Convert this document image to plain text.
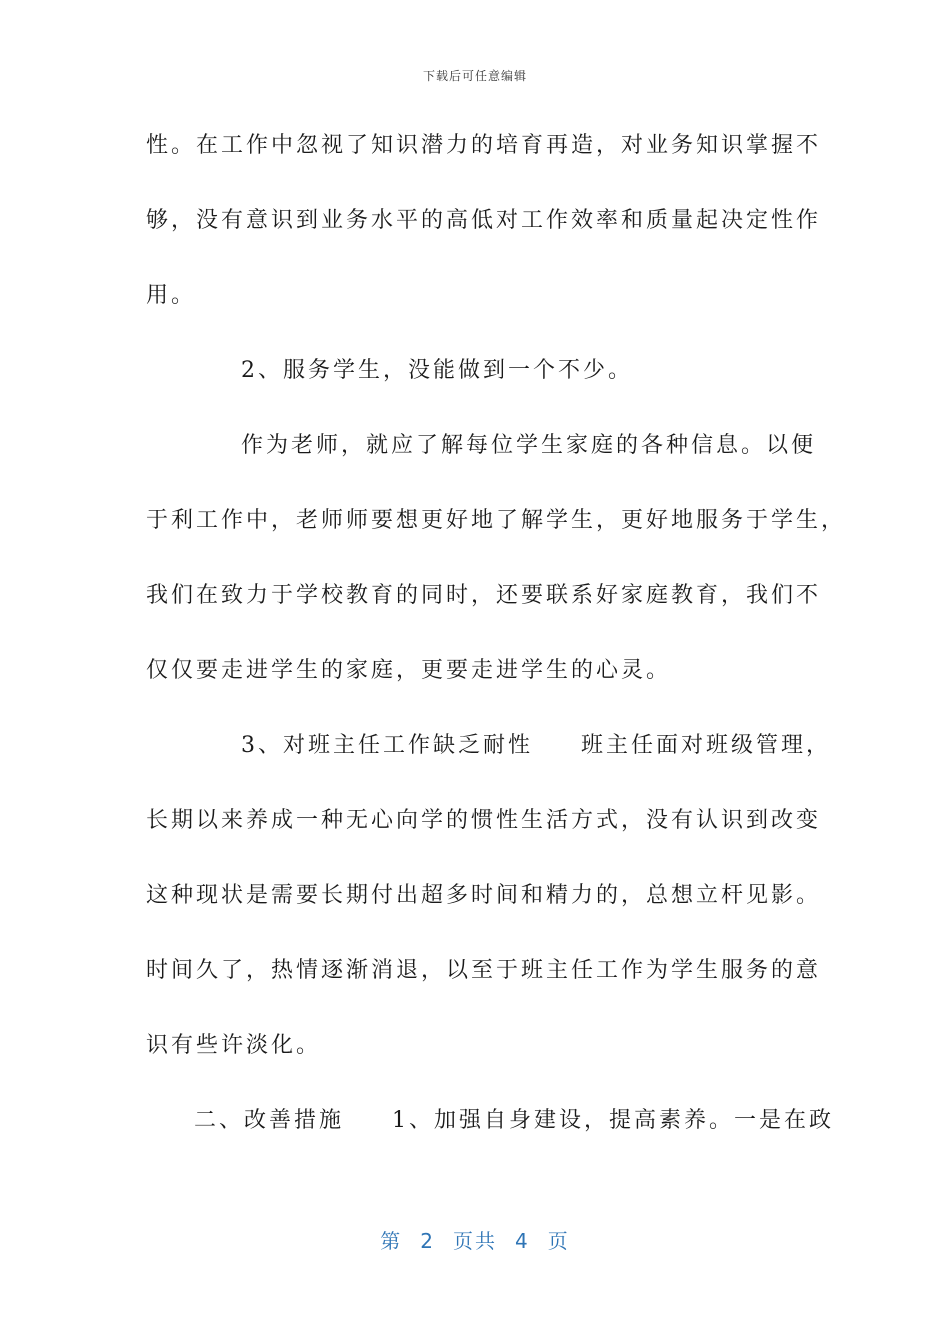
下载后可任意编辑
性。在工作中忽视了知识潜力的培育再造，对业务知识掌握不
够，没有意识到业务水平的高低对工作效率和质量起决定性作
用。
2、服务学生，没能做到一个不少。
作为老师，就应了解每位学生家庭的各种信息。以便
于利工作中，老师师要想更好地了解学生，更好地服务于学生，
我们在致力于学校教育的同时，还要联系好家庭教育，我们不
仅仅要走进学生的家庭，更要走进学生的心灵。
3、对班主任工作缺乏耐性 班主任面对班级管理，
长期以来养成一种无心向学的惯性生活方式，没有认识到改变
这种现状是需要长期付出超多时间和精力的，总想立杆见影。
时间久了，热情逐渐消退，以至于班主任工作为学生服务的意
识有些许淡化。
二、改善措施 1、加强自身建设，提高素养。一是在政
第 2 页共 4 页
